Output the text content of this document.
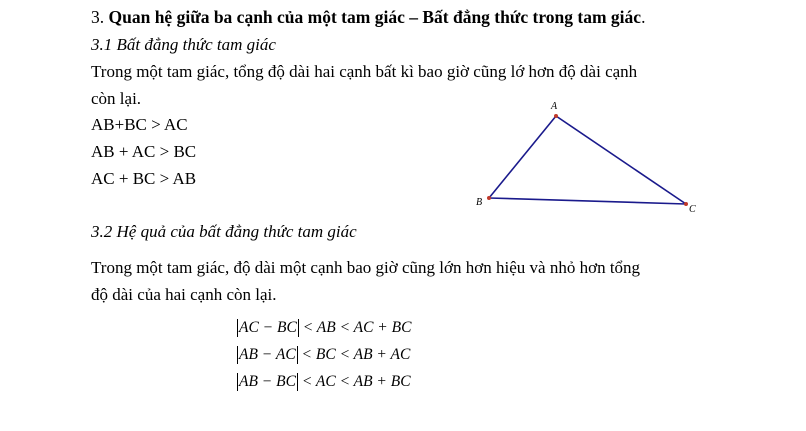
3. Quan hệ giữa ba cạnh của một tam giác – Bất đẳng thức trong tam giác.
3.1 Bất đẳng thức tam giác
Trong một tam giác, tổng độ dài hai cạnh bất kì bao giờ cũng lớ hơn độ dài cạnh
còn lại.
AB+BC > AC
AB + AC > BC
AC + BC > AB
A
B
C
3.2 Hệ quả của bất đẳng thức tam giác
Trong một tam giác, độ dài một cạnh bao giờ cũng lớn hơn hiệu và nhỏ hơn tổng
độ dài của hai cạnh còn lại.
AC − BC < AB < AC + BC
AB − AC < BC < AB + AC
AB − BC < AC < AB + BC
